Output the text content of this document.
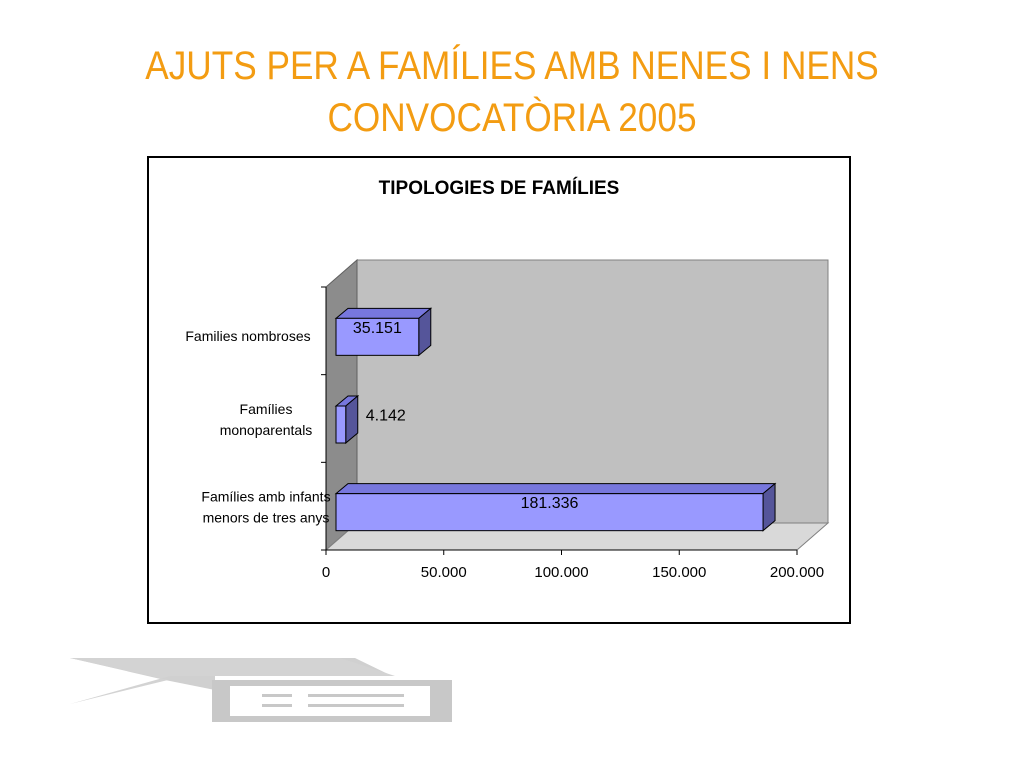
AJUTS PER A FAMÍLIES AMB NENES I NENS
CONVOCATÒRIA 2005
TIPOLOGIES DE FAMÍLIES
0	50.000	100.000	150.000	200.000
35.151
Families nombroses
4.142
Famílies
monoparentals
181.336
Famílies amb infants
menors de tres anys
